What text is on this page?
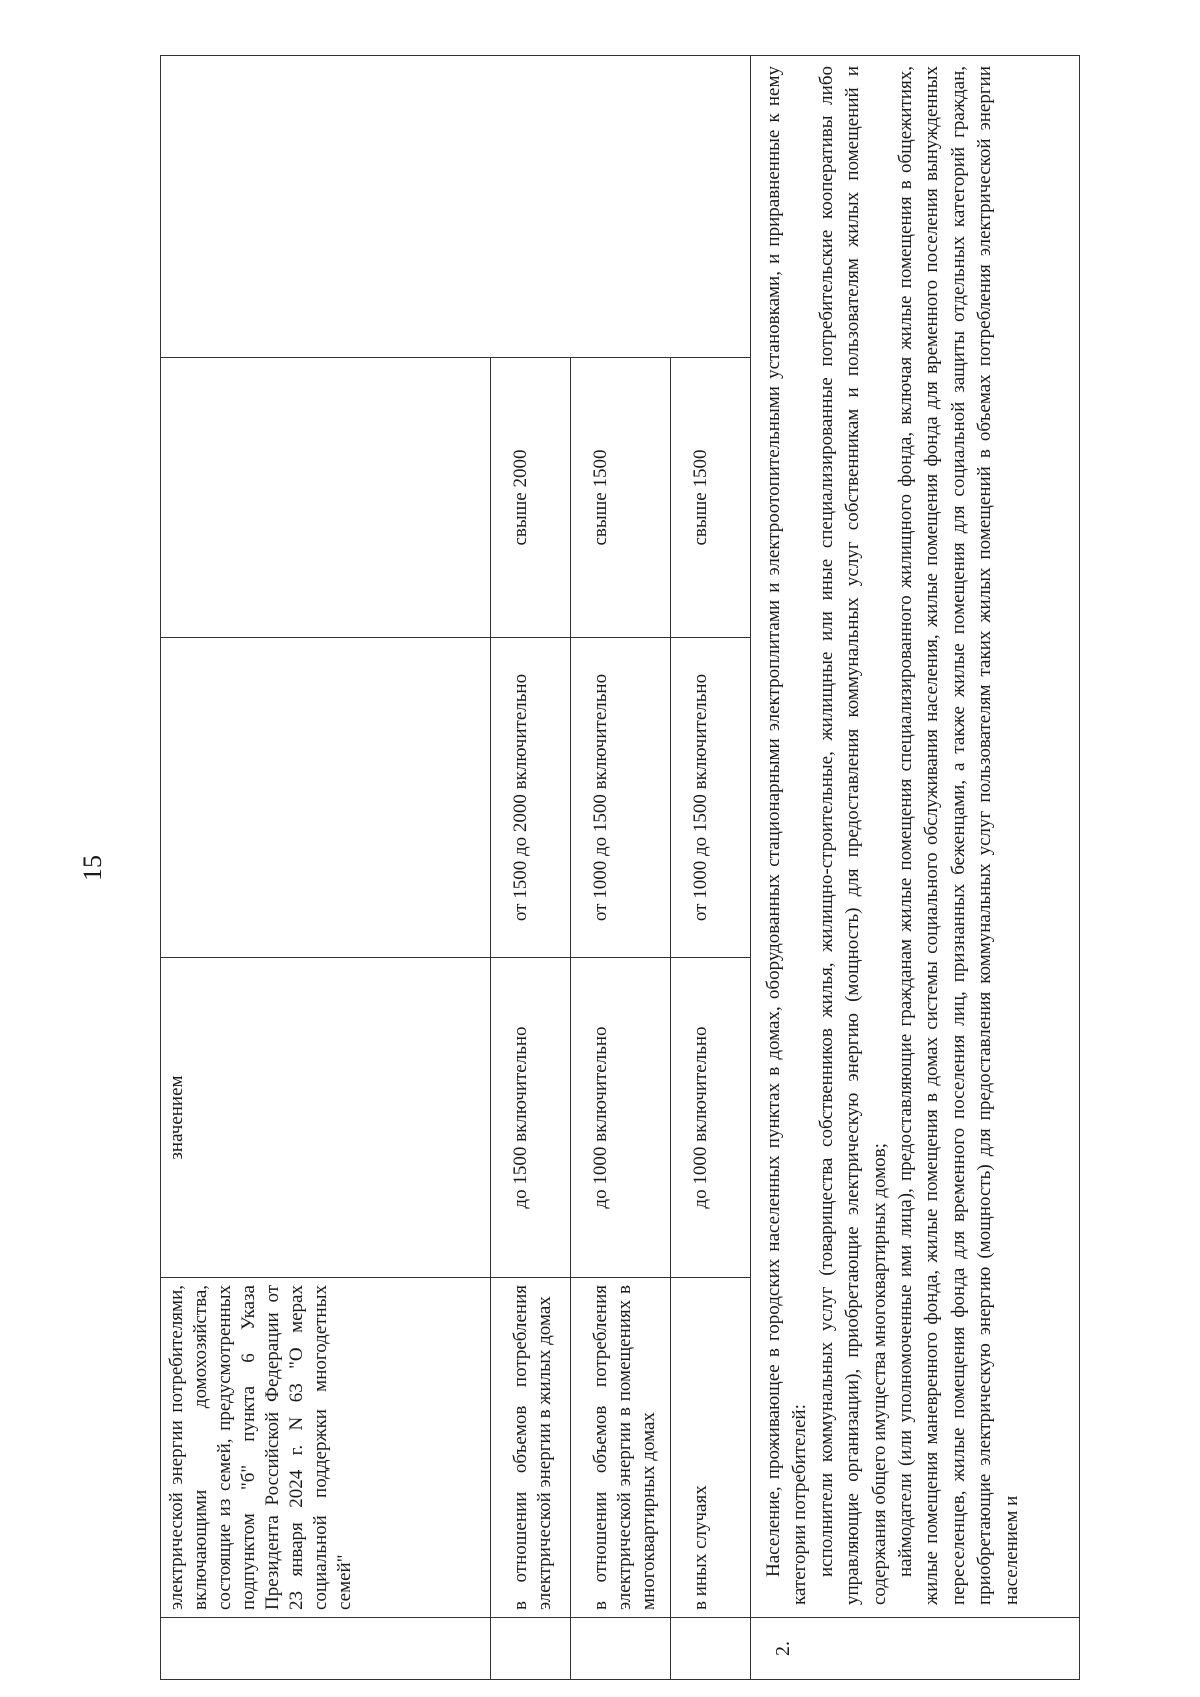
15
	электрической энергии потребителями, включающими домохозяйства, состоящие из семей, предусмотренных подпунктом "б" пункта 6 Указа Президента Российской Федерации от 23 января 2024 г. N 63 "О мерах социальной поддержки многодетных семей"	значением			
	в отношении объемов потребления электрической энергии в жилых домах	до 1500 включительно	от 1500 до 2000 включительно	свыше 2000	
	в отношении объемов потребления электрической энергии в помещениях в многоквартирных домах	до 1000 включительно	от 1000 до 1500 включительно	свыше 1500	
	в иных случаях	до 1000 включительно	от 1000 до 1500 включительно	свыше 1500	
2.	Население, проживающее в городских населенных пунктах в домах, оборудованных стационарными электроплитами и электроотопительными установками, и приравненные к нему категории потребителей: исполнители коммунальных услуг (товарищества собственников жилья, жилищно-строительные, жилищные или иные специализированные потребительские кооперативы либо управляющие организации), приобретающие электрическую энергию (мощность) для предоставления коммунальных услуг собственникам и пользователям жилых помещений и содержания общего имущества многоквартирных домов; наймодатели (или уполномоченные ими лица), предоставляющие гражданам жилые помещения специализированного жилищного фонда, включая жилые помещения в общежитиях, жилые помещения маневренного фонда, жилые помещения в домах системы социального обслуживания населения, жилые помещения фонда для временного поселения вынужденных переселенцев, жилые помещения фонда для временного поселения лиц, признанных беженцами, а также жилые помещения для социальной защиты отдельных категорий граждан, приобретающие электрическую энергию (мощность) для предоставления коммунальных услуг пользователям таких жилых помещений в объемах потребления электрической энергии населением и				
